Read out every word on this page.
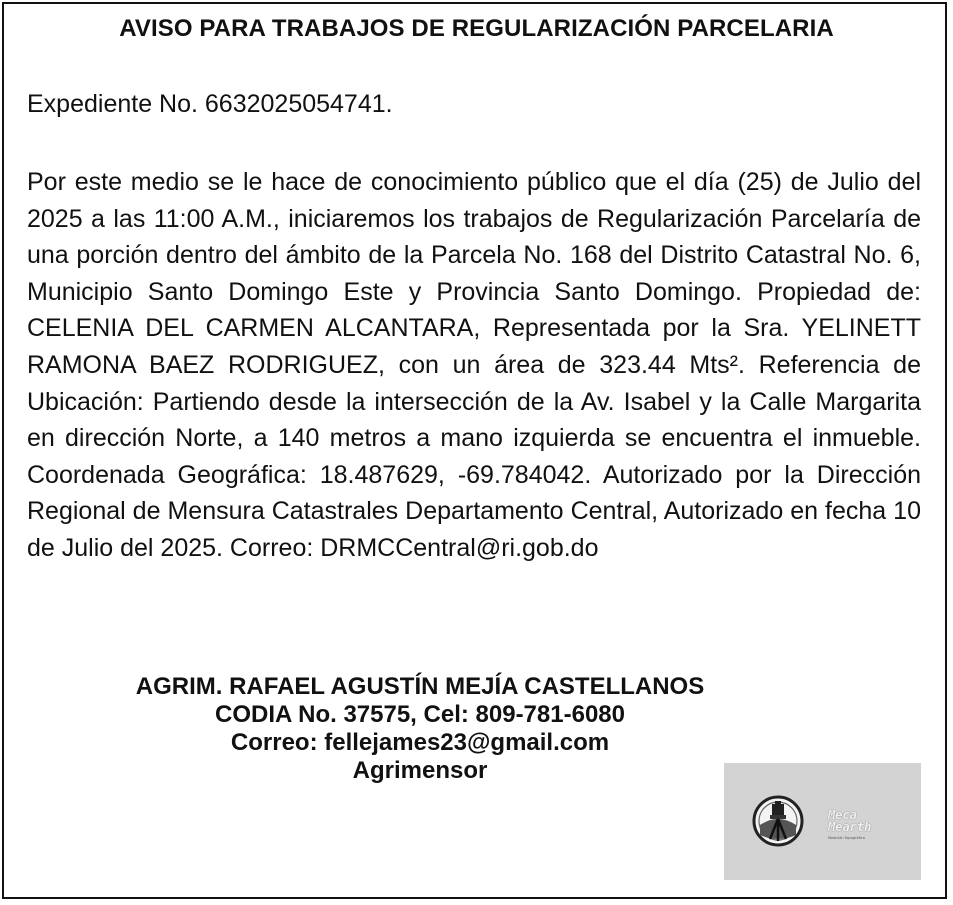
AVISO PARA TRABAJOS DE REGULARIZACIÓN PARCELARIA
Expediente No. 6632025054741.

Por este medio se le hace de conocimiento público que el día (25) de Julio del 2025 a las 11:00 A.M., iniciaremos los trabajos de Regularización Parcelaría de una porción dentro del ámbito de la Parcela No. 168 del Distrito Catastral No. 6, Municipio Santo Domingo Este y Provincia Santo Domingo. Propiedad de: CELENIA DEL CARMEN ALCANTARA, Representada por la Sra. YELINETT RAMONA BAEZ RODRIGUEZ, con un área de 323.44 Mts². Referencia de Ubicación: Partiendo desde la intersección de la Av. Isabel y la Calle Margarita en dirección Norte, a 140 metros a mano izquierda se encuentra el inmueble. Coordenada Geográfica: 18.487629, -69.784042. Autorizado por la Dirección Regional de Mensura Catastrales Departamento Central, Autorizado en fecha 10 de Julio del 2025. Correo: DRMCCentral@ri.gob.do

AGRIM. RAFAEL AGUSTÍN MEJÍA CASTELLANOS
CODIA No. 37575, Cel: 809-781-6080
Correo: fellejames23@gmail.com
Agrimensor
Meca
Mearth
Medición Topográfica
